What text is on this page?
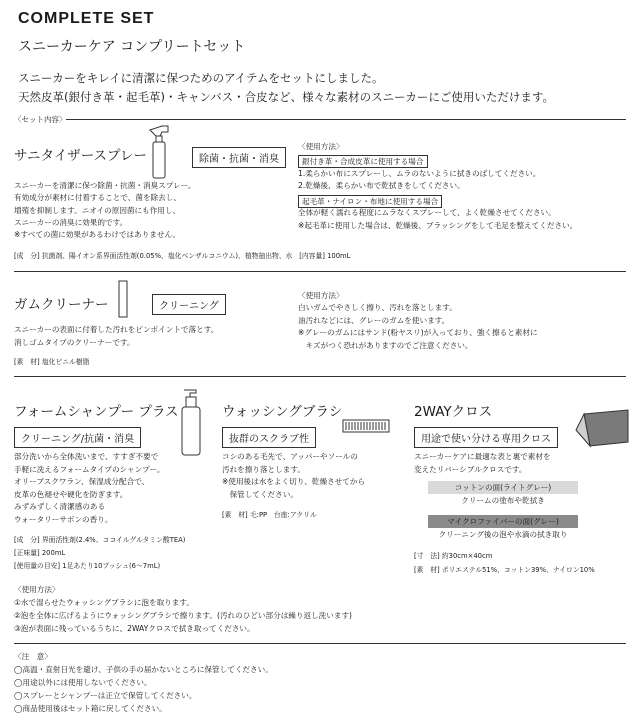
COMPLETE SET
スニーカーケア コンプリートセット
スニーカーをキレイに清潔に保つためのアイテムをセットにしました。
天然皮革(銀付き革・起毛革)・キャンバス・合皮など、様々な素材のスニーカーにご使用いただけます。
〈セット内容〉
サニタイザースプレー	除菌・抗菌・消臭
スニーカーを清潔に保つ除菌・抗菌・消臭スプレー。
有効成分が素材に付着することで、菌を除去し、
増殖を抑制します。ニオイの原因菌にも作用し、
スニーカーの消臭に効果的です。
※すべての菌に効果があるわけではありません。
[成　分] 抗菌剤、陽イオン系界面活性剤(0.05%、塩化ベンザルコニウム)、植物抽出物、水　[内容量] 100mL
〈使用方法〉
銀付き革・合成皮革に使用する場合
1.柔らかい布にスプレーし、ムラのないように拭きのばしてください。
2.乾燥後、柔らかい布で乾拭きをしてください。
起毛革・ナイロン・布地に使用する場合
全体が軽く濡れる程度にムラなくスプレーして、よく乾燥させてください。
※起毛革に使用した場合は、乾燥後、ブラッシングをして毛足を整えてください。
ガムクリーナー	クリーニング
スニーカーの表面に付着した汚れをピンポイントで落とす、
消しゴムタイプのクリーナーです。
[素　材] 塩化ビニル樹脂
〈使用方法〉
白いガムでやさしく擦り、汚れを落とします。
油汚れなどには、グレーのガムを使います。
※グレーのガムにはサンド(粉ヤスリ)が入っており、強く擦ると素材に
　キズがつく恐れがありますのでご注意ください。
フォームシャンプー プラス
クリーニング/抗菌・消臭
部分洗いから全体洗いまで、すすぎ不要で
手軽に洗えるフォームタイプのシャンプー。
オリーブスクワラン、保湿成分配合で、
皮革の色褪せや硬化を防ぎます。
みずみずしく清潔感のある
ウォータリーサボンの香り。
[成　分] 界面活性剤(2.4%、ココイルグルタミン酸TEA)
[正味量] 200mL
[使用量の目安] 1足あたり10プッシュ(6〜7mL)
ウォッシングブラシ
抜群のスクラブ性
コシのある毛先で、アッパーやソールの
汚れを擦り落とします。
※使用後は水をよく切り、乾燥させてから
　保管してください。
[素　材] 毛:PP　台座:アクリル
2WAYクロス
用途で使い分ける専用クロス
スニーカーケアに最適な表と裏で素材を
変えたリバーシブルクロスです。
コットンの面(ライトグレー)
クリームの塗布や乾拭き
マイクロファイバーの面(グレー)
クリーニング後の泡や水滴の拭き取り
[寸　法] 約30cm×40cm
[素　材] ポリエステル51%、コットン39%、ナイロン10%
〈使用方法〉
①水で湿らせたウォッシングブラシに泡を取ります。
②泡を全体に広げるようにウォッシングブラシで擦ります。(汚れのひどい部分は繰り返し洗います)
③泡が表面に残っているうちに、2WAYクロスで拭き取ってください。
〈注　意〉
◯高温・直射日光を避け、子供の手の届かないところに保管してください。
◯用途以外には使用しないでください。
◯スプレーとシャンプーは正立で保管してください。
◯商品使用後はセット箱に戻してください。
